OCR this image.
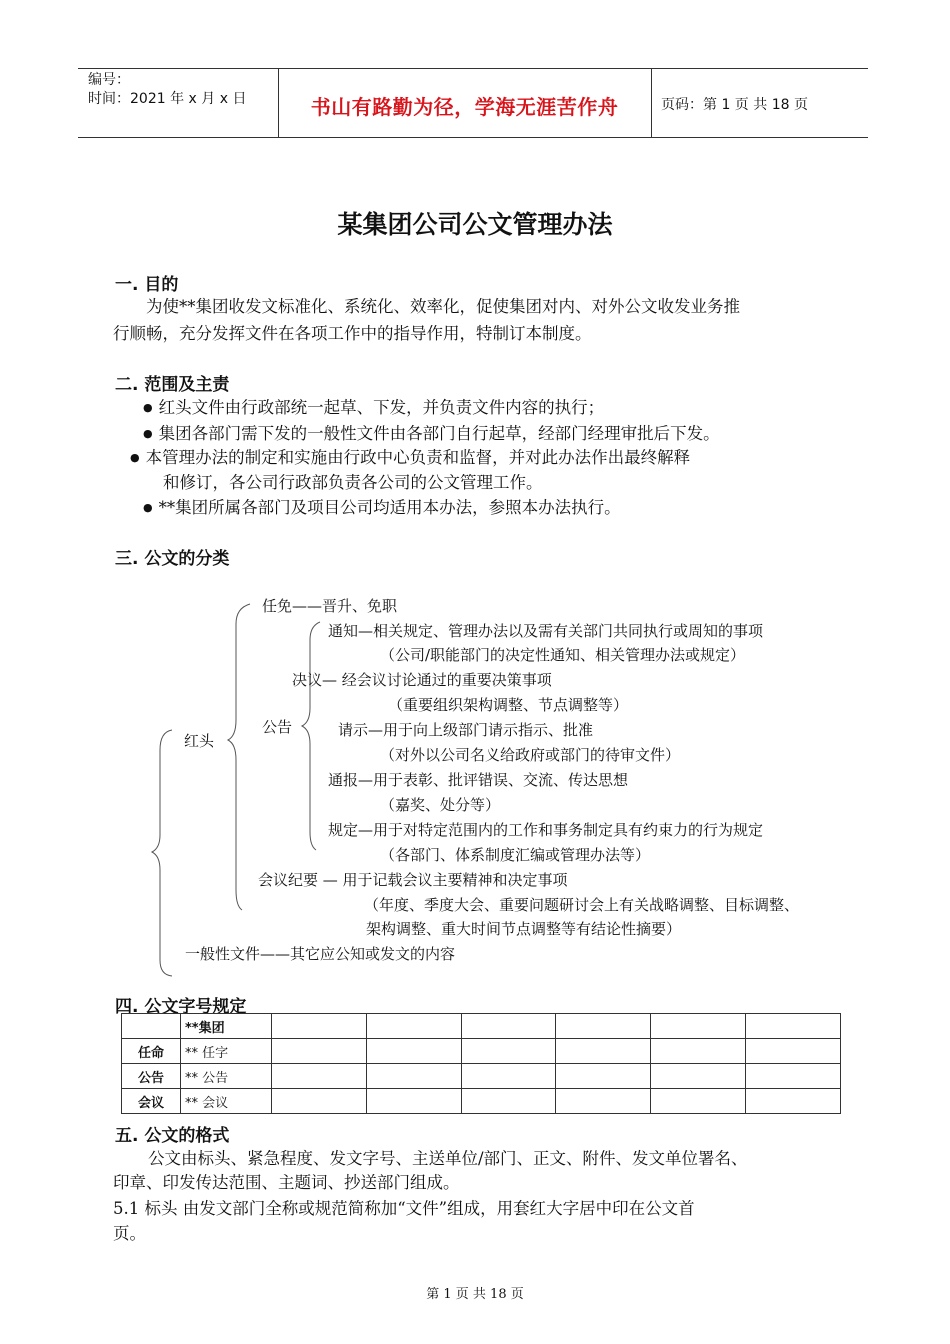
编号：
时间：2021 年 x 月 x 日	书山有路勤为径，学海无涯苦作舟	页码：第 1 页 共 18 页
某集团公司公文管理办法
一. 目的
为使**集团收发文标准化、系统化、效率化，促使集团对内、对外公文收发业务推
行顺畅，充分发挥文件在各项工作中的指导作用，特制订本制度。
二. 范围及主责
● 红头文件由行政部统一起草、下发，并负责文件内容的执行；
● 集团各部门需下发的一般性文件由各部门自行起草，经部门经理审批后下发。
● 本管理办法的制定和实施由行政中心负责和监督，并对此办法作出最终解释
和修订，各公司行政部负责各公司的公文管理工作。
● **集团所属各部门及项目公司均适用本办法，参照本办法执行。
三. 公文的分类
红头
任免——晋升、免职
公告
通知—相关规定、管理办法以及需有关部门共同执行或周知的事项
（公司/职能部门的决定性通知、相关管理办法或规定）
决议— 经会议讨论通过的重要决策事项
（重要组织架构调整、节点调整等）
请示—用于向上级部门请示指示、批准
（对外以公司名义给政府或部门的待审文件）
通报—用于表彰、批评错误、交流、传达思想
（嘉奖、处分等）
规定—用于对特定范围内的工作和事务制定具有约束力的行为规定
（各部门、体系制度汇编或管理办法等）
会议纪要 — 用于记载会议主要精神和决定事项
（年度、季度大会、重要问题研讨会上有关战略调整、目标调整、
架构调整、重大时间节点调整等有结论性摘要）
一般性文件——其它应公知或发文的内容
四. 公文字号规定
	**集团						
任命	** 任字						
公告	** 公告						
会议	** 会议						
五. 公文的格式
公文由标头、紧急程度、发文字号、主送单位/部门、正文、附件、发文单位署名、
印章、印发传达范围、主题词、抄送部门组成。
5.1 标头 由发文部门全称或规范简称加“文件”组成，用套红大字居中印在公文首
页。
第 1 页 共 18 页
